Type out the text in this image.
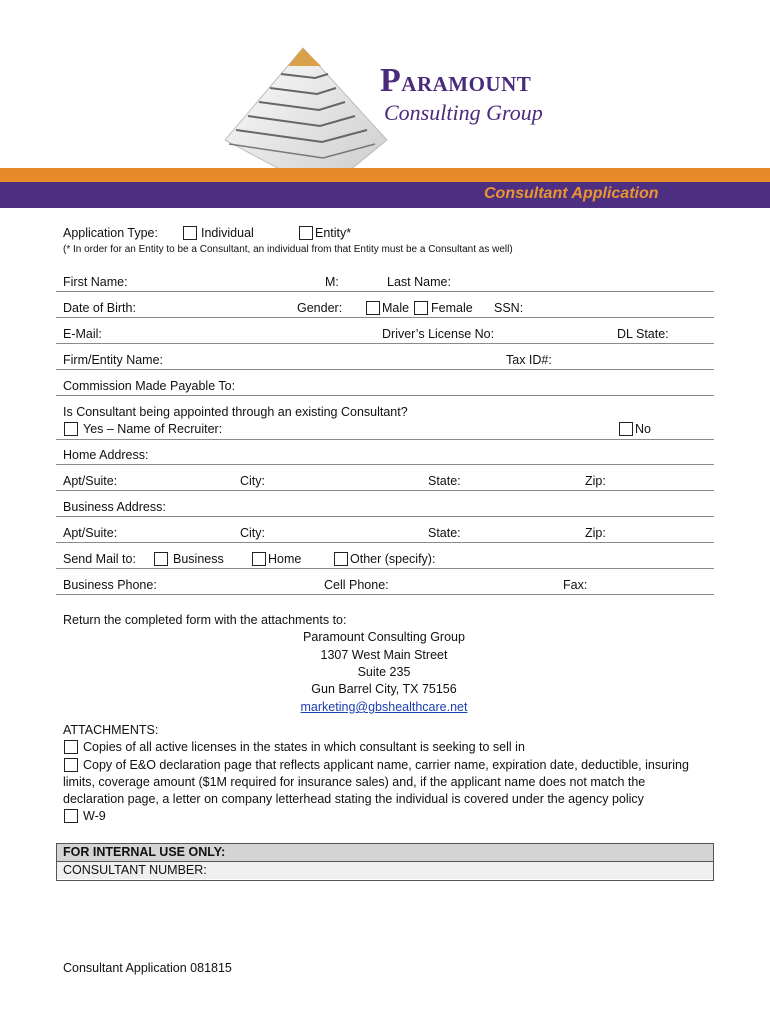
PARAMOUNT
Consulting Group
Consultant Application
Application Type:	Individual	Entity*
(* In order for an Entity to be a Consultant, an individual from that Entity must be a Consultant as well)
First Name:	M:	Last Name:
Date of Birth:	Gender:	Male Female SSN:
E-Mail:	Driver’s License No:	DL State:
Firm/Entity Name:	Tax ID#:
Commission Made Payable To:
Is Consultant being appointed through an existing Consultant?
Yes – Name of Recruiter:	No
Home Address:
Apt/Suite:	City:	State:	Zip:
Business Address:
Apt/Suite:	City:	State:	Zip:
Send Mail to:	Business	Home	Other (specify):
Business Phone:	Cell Phone:	Fax:
Return the completed form with the attachments to:
Paramount Consulting Group
1307 West Main Street
Suite 235
Gun Barrel City, TX 75156
marketing@gbshealthcare.net
ATTACHMENTS:
Copies of all active licenses in the states in which consultant is seeking to sell in
Copy of E&O declaration page that reflects applicant name, carrier name, expiration date, deductible, insuring
limits, coverage amount ($1M required for insurance sales) and, if the applicant name does not match the
declaration page, a letter on company letterhead stating the individual is covered under the agency policy
W-9
FOR INTERNAL USE ONLY:
CONSULTANT NUMBER:
Consultant Application 081815
